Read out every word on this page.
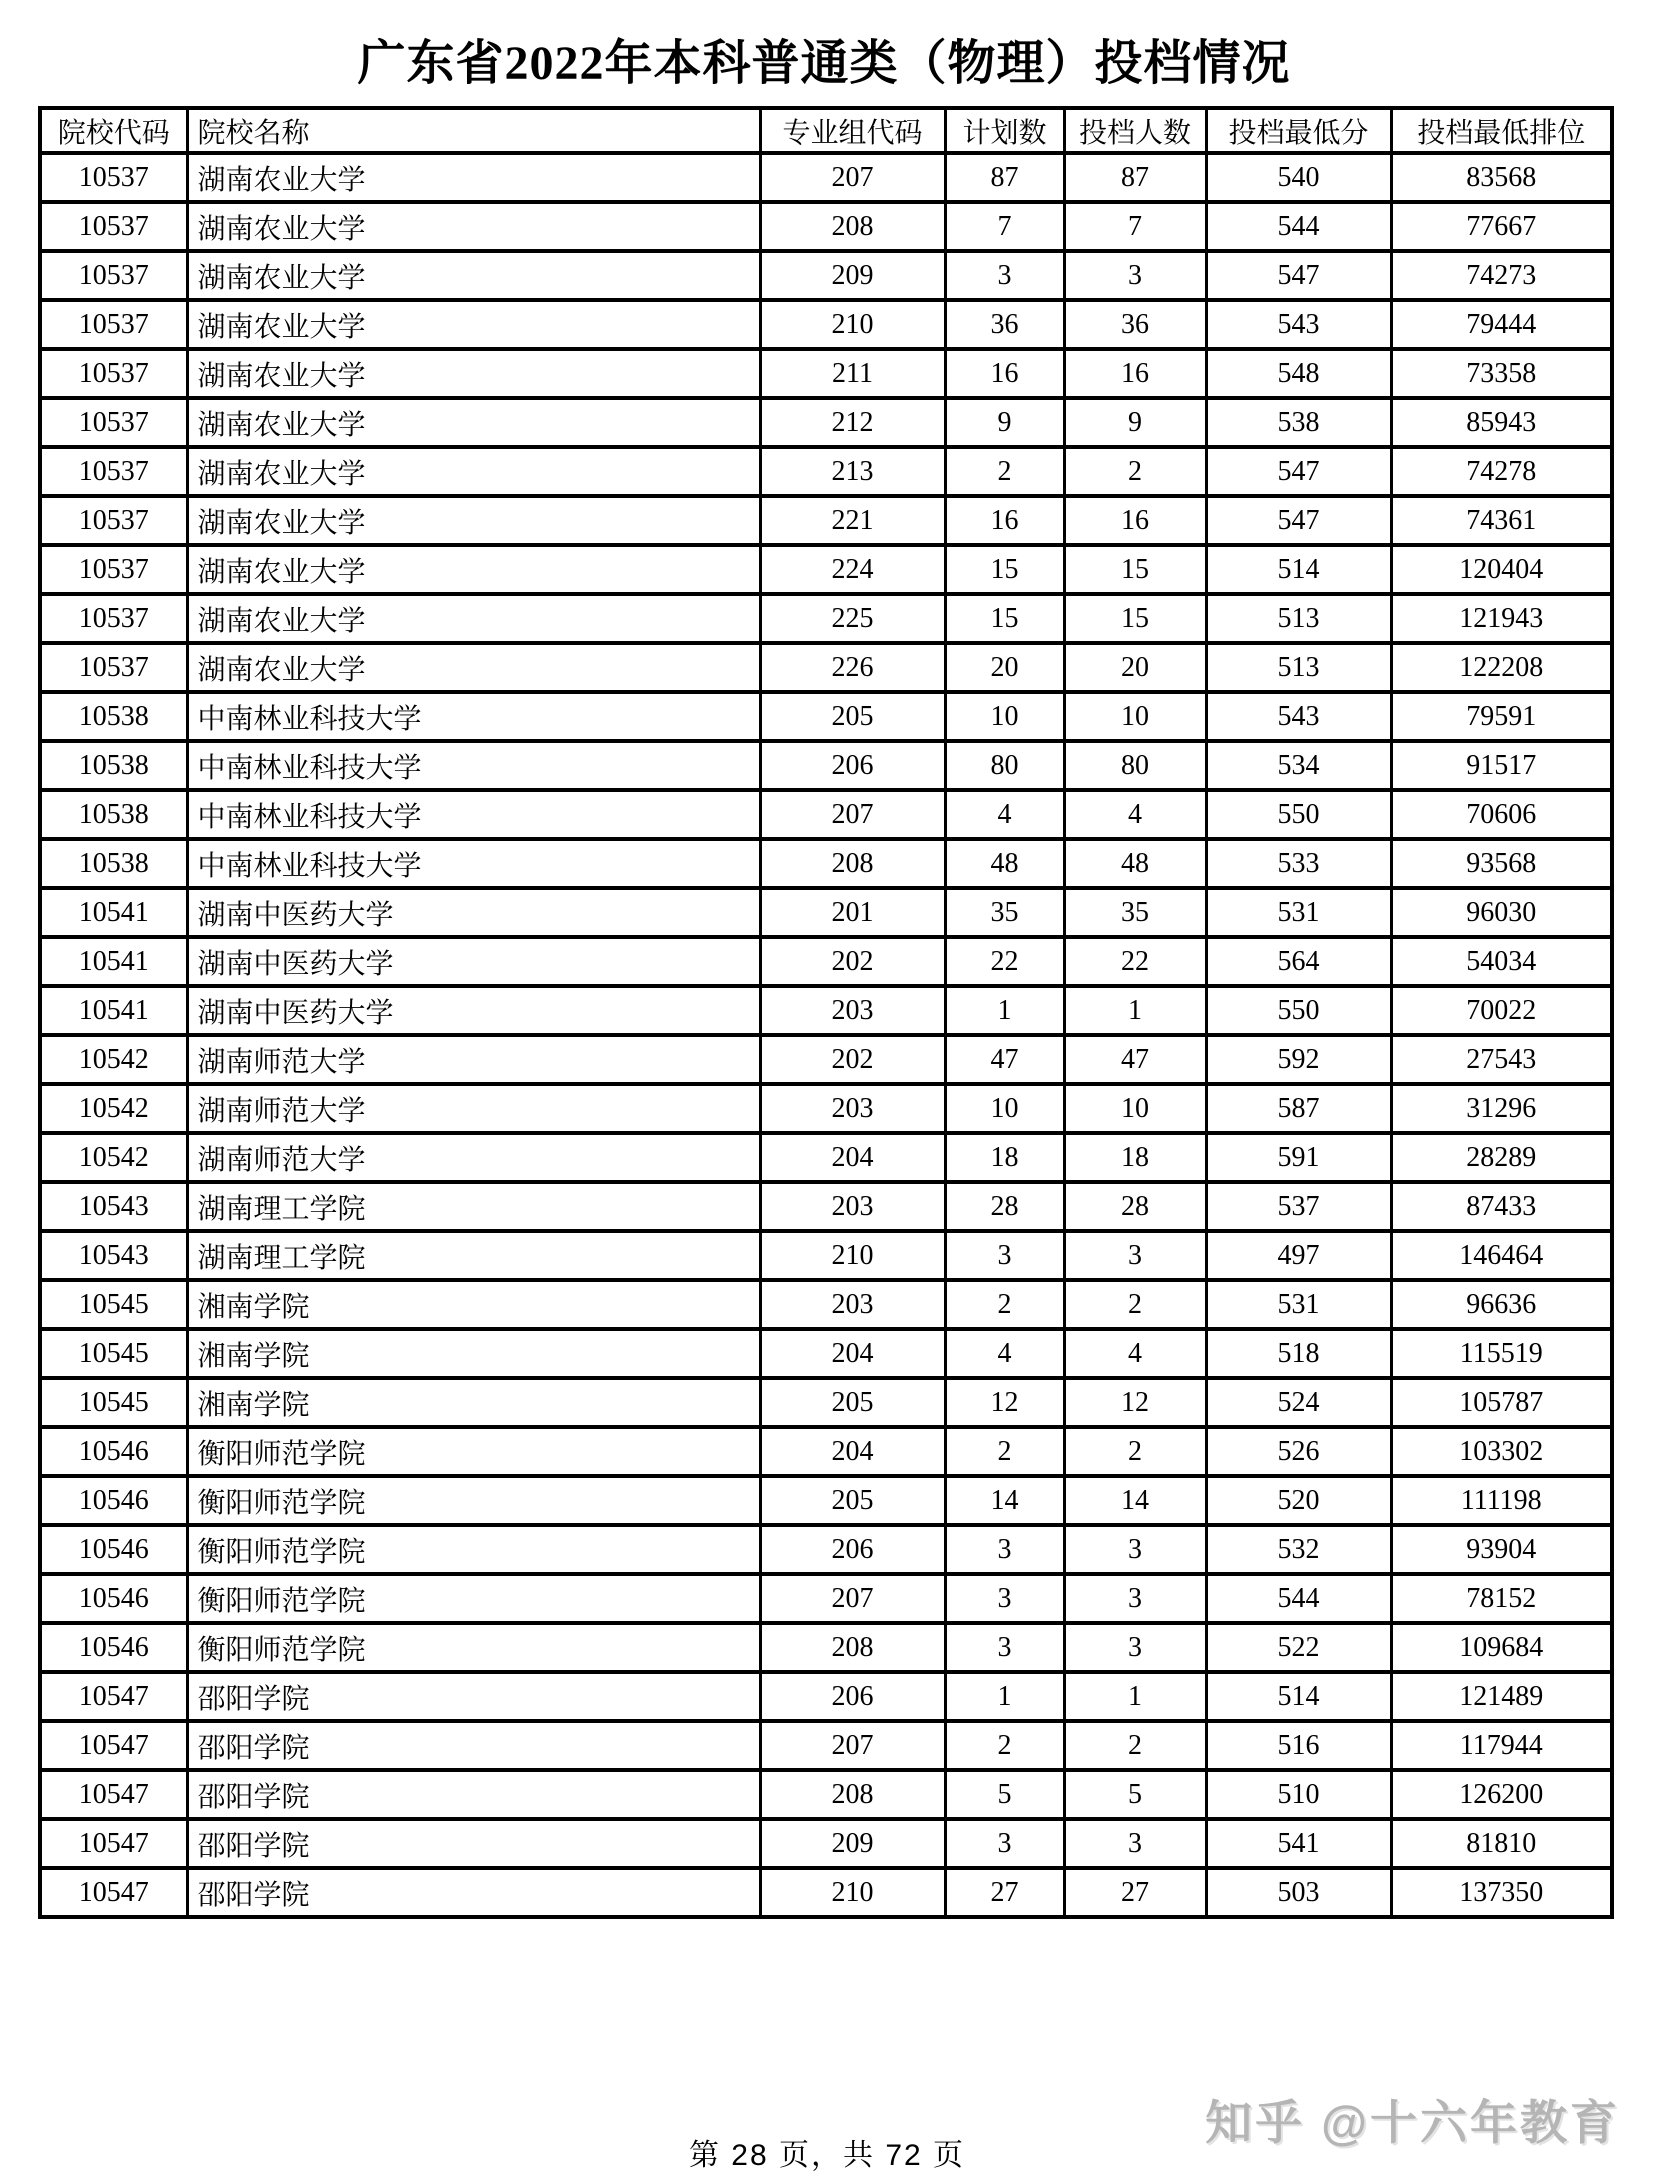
广东省2022年本科普通类（物理）投档情况
院校代码	院校名称	专业组代码	计划数	投档人数	投档最低分	投档最低排位
10537	湖南农业大学	207	87	87	540	83568
10537	湖南农业大学	208	7	7	544	77667
10537	湖南农业大学	209	3	3	547	74273
10537	湖南农业大学	210	36	36	543	79444
10537	湖南农业大学	211	16	16	548	73358
10537	湖南农业大学	212	9	9	538	85943
10537	湖南农业大学	213	2	2	547	74278
10537	湖南农业大学	221	16	16	547	74361
10537	湖南农业大学	224	15	15	514	120404
10537	湖南农业大学	225	15	15	513	121943
10537	湖南农业大学	226	20	20	513	122208
10538	中南林业科技大学	205	10	10	543	79591
10538	中南林业科技大学	206	80	80	534	91517
10538	中南林业科技大学	207	4	4	550	70606
10538	中南林业科技大学	208	48	48	533	93568
10541	湖南中医药大学	201	35	35	531	96030
10541	湖南中医药大学	202	22	22	564	54034
10541	湖南中医药大学	203	1	1	550	70022
10542	湖南师范大学	202	47	47	592	27543
10542	湖南师范大学	203	10	10	587	31296
10542	湖南师范大学	204	18	18	591	28289
10543	湖南理工学院	203	28	28	537	87433
10543	湖南理工学院	210	3	3	497	146464
10545	湘南学院	203	2	2	531	96636
10545	湘南学院	204	4	4	518	115519
10545	湘南学院	205	12	12	524	105787
10546	衡阳师范学院	204	2	2	526	103302
10546	衡阳师范学院	205	14	14	520	111198
10546	衡阳师范学院	206	3	3	532	93904
10546	衡阳师范学院	207	3	3	544	78152
10546	衡阳师范学院	208	3	3	522	109684
10547	邵阳学院	206	1	1	514	121489
10547	邵阳学院	207	2	2	516	117944
10547	邵阳学院	208	5	5	510	126200
10547	邵阳学院	209	3	3	541	81810
10547	邵阳学院	210	27	27	503	137350
第 28 页，共 72 页
知乎 @十六年教育
